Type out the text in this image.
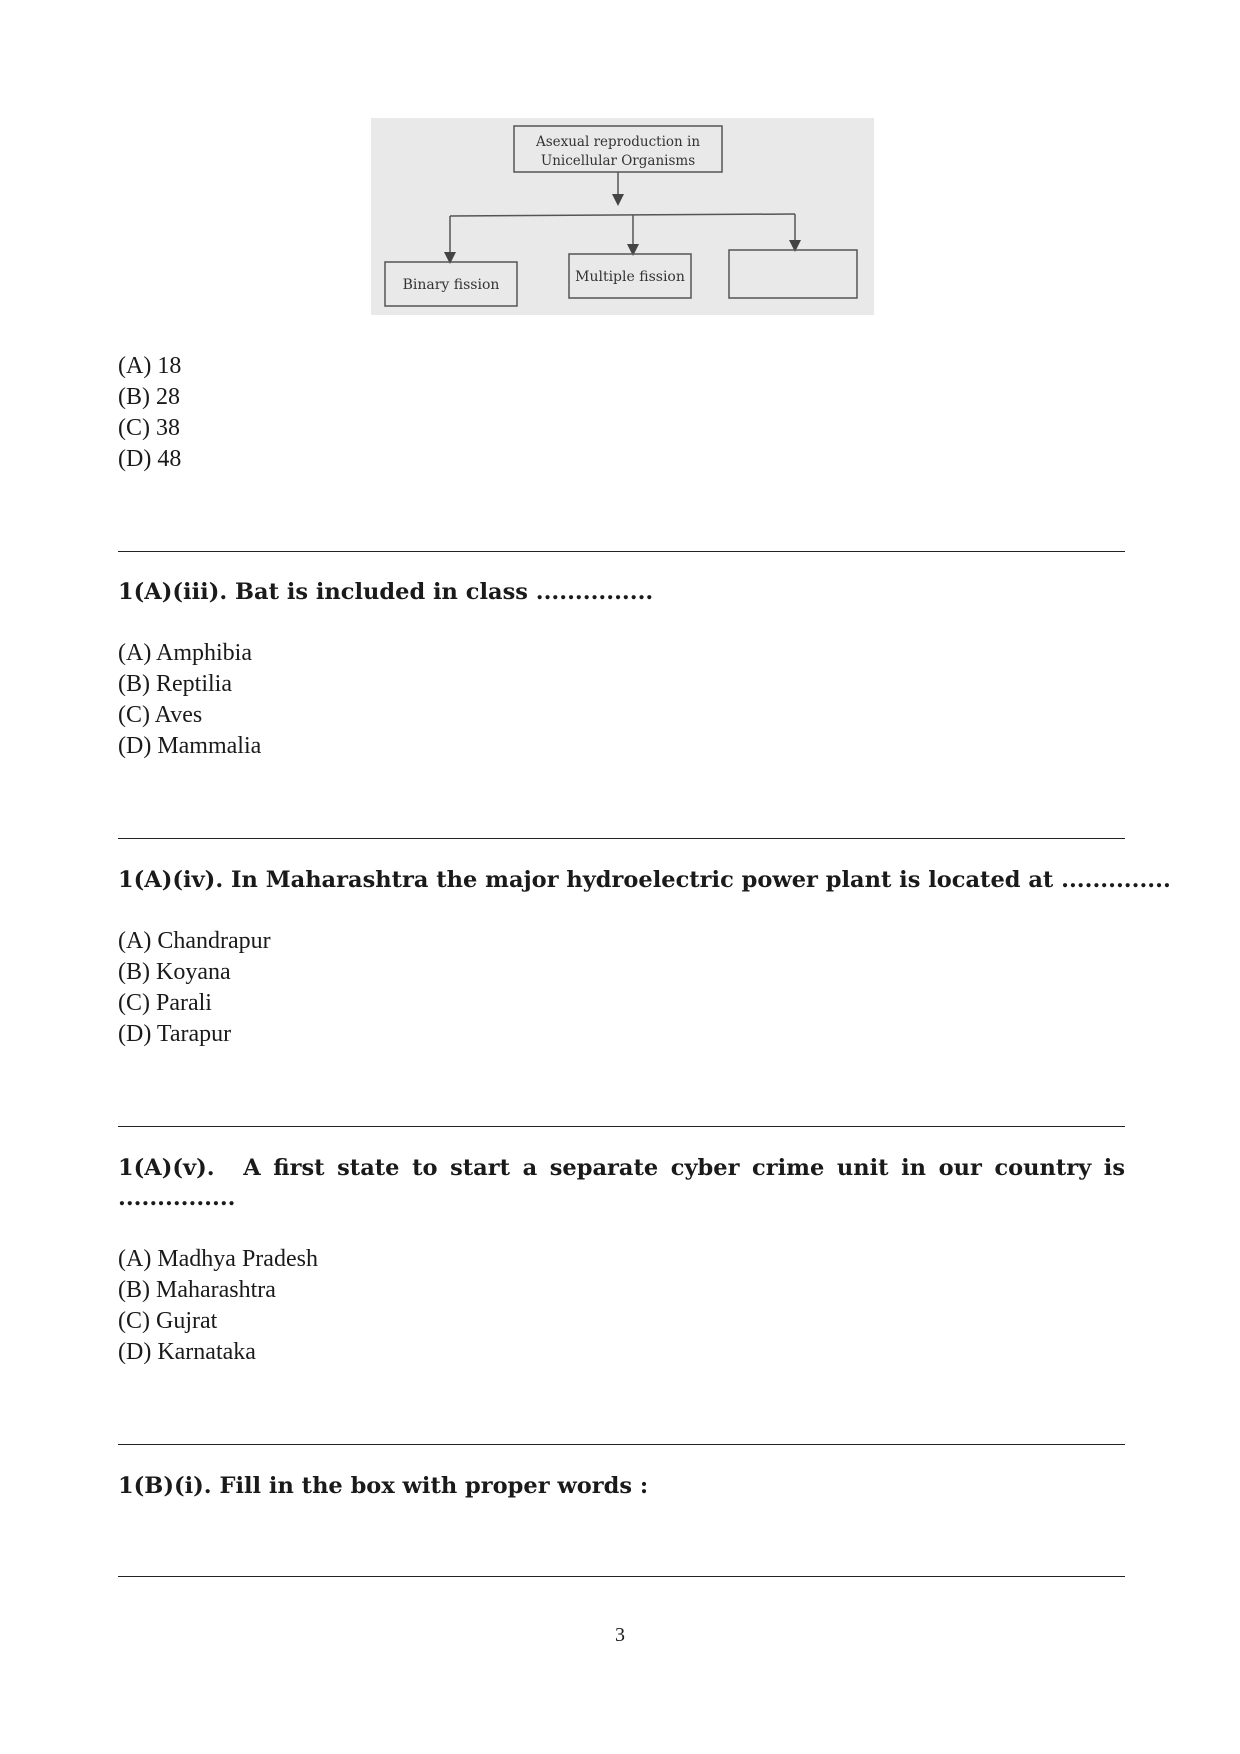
Asexual reproduction in
Unicellular Organisms
Binary fission	Multiple fission
(A) 18
(B) 28
(C) 38
(D) 48

1(A)(iii). Bat is included in class ...............

(A) Amphibia
(B) Reptilia
(C) Aves
(D) Mammalia

1(A)(iv). In Maharashtra the major hydroelectric power plant is located at ..............

(A) Chandrapur
(B) Koyana
(C) Parali
(D) Tarapur

1(A)(v). A first state to start a separate cyber crime unit in our country is

...............
(A) Madhya Pradesh
(B) Maharashtra
(C) Gujrat
(D) Karnataka

1(B)(i). Fill in the box with proper words :

3
